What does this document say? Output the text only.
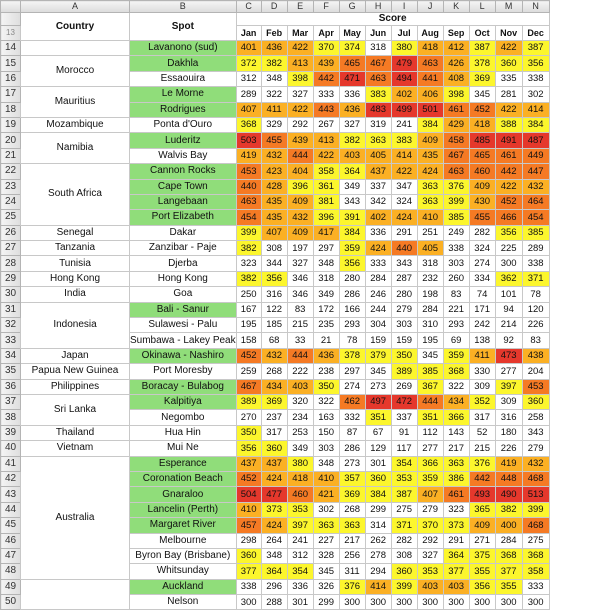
	A	B	C	D	E	F	G	H	I	J	K	L	M	N
	Country	Spot	Score											
13			Jan	Feb	Mar	Apr	May	Jun	Jul	Aug	Sep	Oct	Nov	Dec
14		Lavanono (sud)	401	436	422	370	374	318	380	418	412	387	422	387
15	Morocco	Dakhla	372	382	413	439	465	467	479	463	426	378	360	356
16		Essaouira	312	348	398	442	471	463	494	441	408	369	335	338
17	Mauritius	Le Morne	289	322	327	333	336	383	402	406	398	345	281	302
18		Rodrigues	407	411	422	443	436	483	499	501	461	452	422	414
19	Mozambique	Ponta d'Ouro	368	329	292	267	327	319	241	384	429	418	388	384
20	Namibia	Luderitz	503	455	439	413	382	363	383	409	458	485	491	487
21		Walvis Bay	419	432	444	422	403	405	414	435	467	465	461	449
22	South Africa	Cannon Rocks	453	423	404	358	364	437	422	424	463	460	442	447
23		Cape Town	440	428	396	361	349	337	347	363	376	409	422	432
24		Langebaan	463	435	409	381	343	342	324	363	399	430	452	464
25		Port Elizabeth	454	435	432	396	391	402	424	410	385	455	466	454
26	Senegal	Dakar	399	407	409	417	384	336	291	251	249	282	356	385
27	Tanzania	Zanzibar - Paje	382	308	197	297	359	424	440	405	338	324	225	289
28	Tunisia	Djerba	323	344	327	348	356	333	343	318	303	274	300	338
29	Hong Kong	Hong Kong	382	356	346	318	280	284	287	232	260	334	362	371
30	India	Goa	250	316	346	349	286	246	280	198	83	74	101	78
31	Indonesia	Bali - Sanur	167	122	83	172	166	244	279	284	221	171	94	120
32		Sulawesi - Palu	195	185	215	235	293	304	303	310	293	242	214	226
33		Sumbawa - Lakey Peak	158	68	33	21	78	159	159	195	69	138	92	83
34	Japan	Okinawa - Nashiro	452	432	444	436	378	379	350	345	359	411	473	438
35	Papua New Guinea	Port Moresby	259	268	222	238	297	345	389	385	368	330	277	204
36	Philippines	Boracay - Bulabog	467	434	403	350	274	273	269	367	322	309	397	453
37	Sri Lanka	Kalpitiya	389	369	320	322	462	497	472	444	434	352	309	360
38		Negombo	270	237	234	163	332	351	337	351	366	317	316	258
39	Thailand	Hua Hin	350	317	253	150	87	67	91	112	143	52	180	343
40	Vietnam	Mui Ne	356	360	349	303	286	129	117	277	217	215	226	279
41	Australia	Esperance	437	437	380	348	273	301	354	366	363	376	419	432
42		Coronation Beach	452	424	418	410	357	360	353	359	386	442	448	468
43		Gnaraloo	504	477	460	421	369	384	387	407	461	493	490	513
44		Lancelin (Perth)	410	373	353	302	268	299	275	279	323	365	382	399
45		Margaret River	457	424	397	363	363	314	371	370	373	409	400	468
46		Melbourne	298	264	241	227	217	262	282	292	291	271	284	275
47		Byron Bay (Brisbane)	360	348	312	328	256	278	308	327	364	375	368	368
48		Whitsunday	377	364	354	345	311	294	360	353	377	355	377	358
49		Auckland	338	296	336	326	376	414	399	403	403	356	355	333
50		Nelson	300	288	301	299	300	300	300	300	300	300	300	300
